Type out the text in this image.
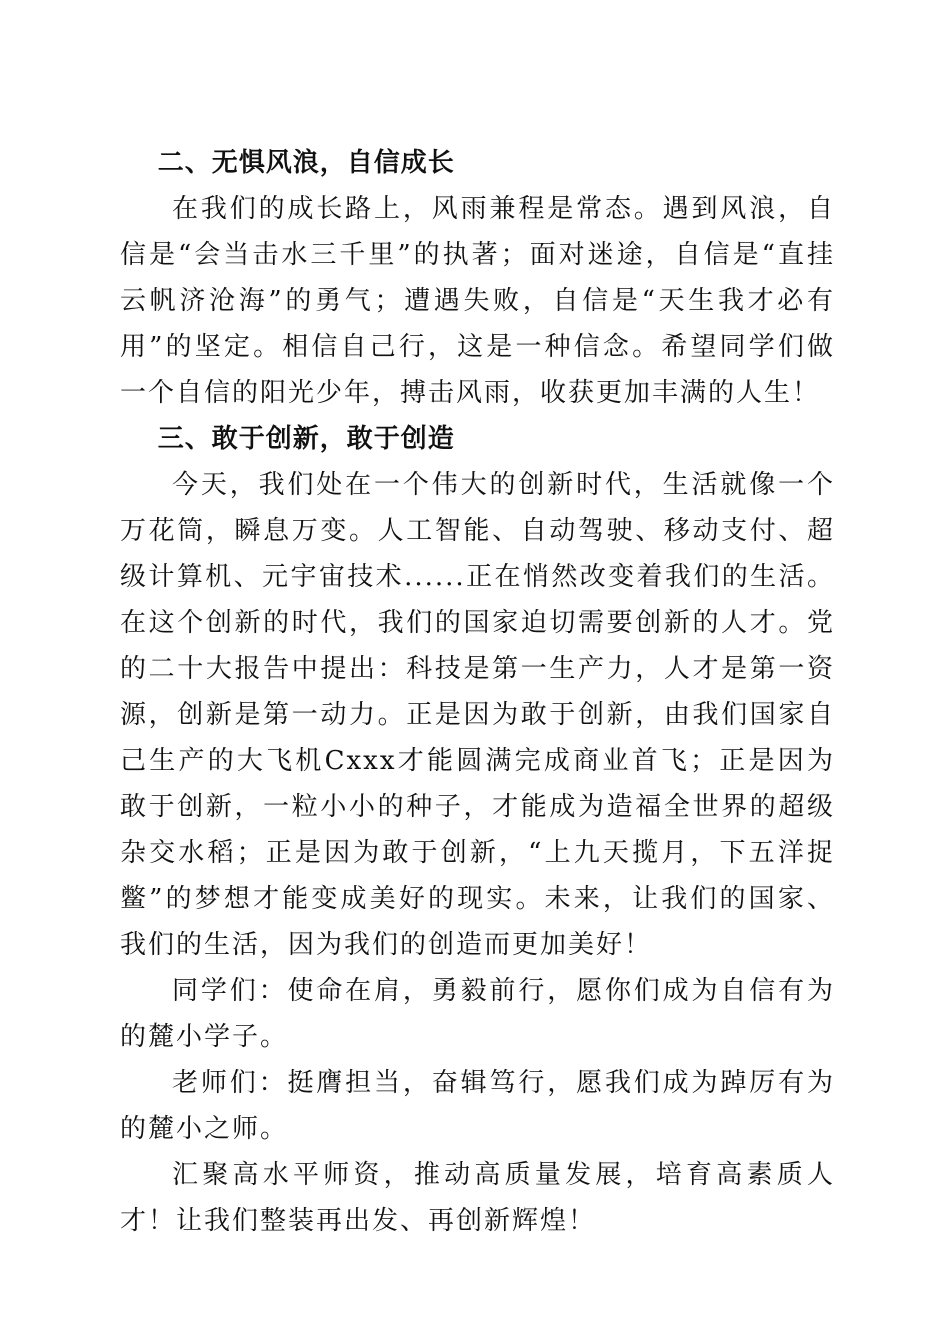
二、无惧风浪，自信成长

在我们的成长路上，风雨兼程是常态。遇到风浪，自信是“会当击水三千里”的执著；面对迷途，自信是“直挂云帆济沧海”的勇气；遭遇失败，自信是“天生我才必有用”的坚定。相信自己行，这是一种信念。希望同学们做一个自信的阳光少年，搏击风雨，收获更加丰满的人生！

三、敢于创新，敢于创造

今天，我们处在一个伟大的创新时代，生活就像一个万花筒，瞬息万变。人工智能、自动驾驶、移动支付、超级计算机、元宇宙技术......正在悄然改变着我们的生活。在这个创新的时代，我们的国家迫切需要创新的人才。党的二十大报告中提出：科技是第一生产力，人才是第一资源，创新是第一动力。正是因为敢于创新，由我们国家自己生产的大飞机Cxxx才能圆满完成商业首飞；正是因为敢于创新，一粒小小的种子，才能成为造福全世界的超级杂交水稻；正是因为敢于创新，“上九天揽月，下五洋捉鳖”的梦想才能变成美好的现实。未来，让我们的国家、我们的生活，因为我们的创造而更加美好！

同学们：使命在肩，勇毅前行，愿你们成为自信有为的麓小学子。

老师们：挺膺担当，奋辑笃行，愿我们成为踔厉有为的麓小之师。

汇聚高水平师资，推动高质量发展，培育高素质人才！让我们整装再出发、再创新辉煌！
